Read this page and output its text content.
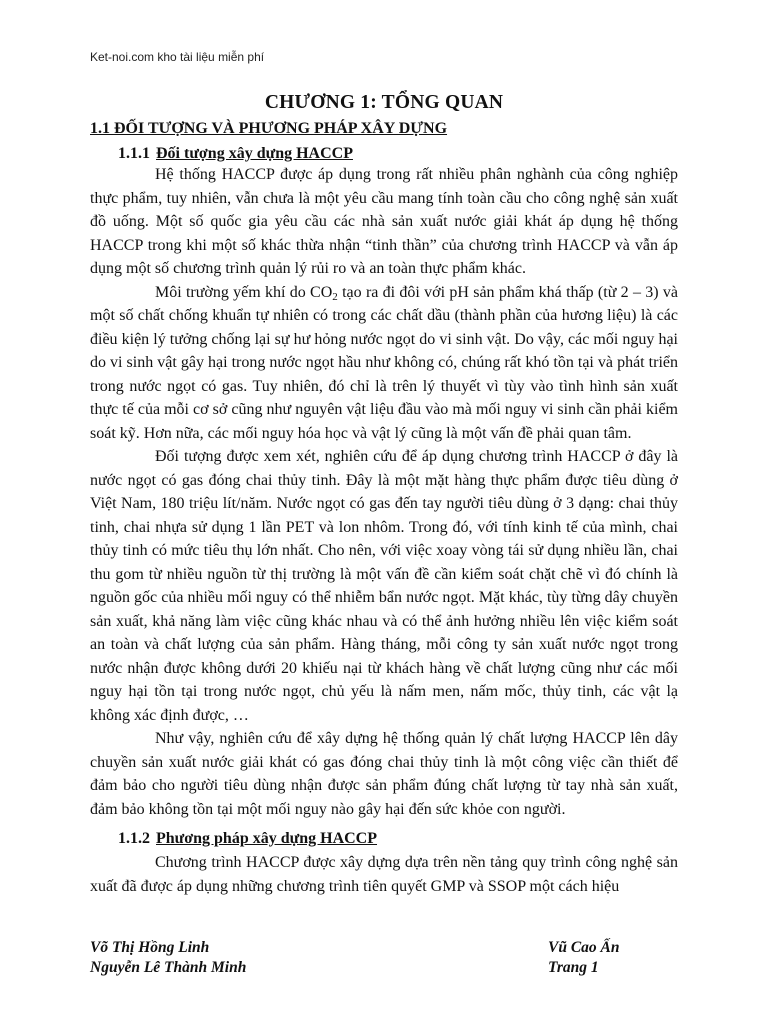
Ket-noi.com kho tài liệu miễn phí
CHƯƠNG 1: TỔNG QUAN
1.1 ĐỐI TƯỢNG VÀ PHƯƠNG PHÁP XÂY DỰNG
1.1.1 Đối tượng xây dựng HACCP

Hệ thống HACCP được áp dụng trong rất nhiều phân nghành của công nghiệp thực phẩm, tuy nhiên, vẫn chưa là một yêu cầu mang tính toàn cầu cho công nghệ sản xuất đồ uống. Một số quốc gia yêu cầu các nhà sản xuất nước giải khát áp dụng hệ thống HACCP trong khi một số khác thừa nhận “tinh thần” của chương trình HACCP và vẫn áp dụng một số chương trình quản lý rủi ro và an toàn thực phẩm khác.

Môi trường yếm khí do $CO_2$ tạo ra đi đôi với pH sản phẩm khá thấp (từ 2 – 3) và một số chất chống khuẩn tự nhiên có trong các chất dầu (thành phần của hương liệu) là các điều kiện lý tưởng chống lại sự hư hỏng nước ngọt do vi sinh vật. Do vậy, các mối nguy hại do vi sinh vật gây hại trong nước ngọt hầu như không có, chúng rất khó tồn tại và phát triển trong nước ngọt có gas. Tuy nhiên, đó chỉ là trên lý thuyết vì tùy vào tình hình sản xuất thực tế của mỗi cơ sở cũng như nguyên vật liệu đầu vào mà mối nguy vi sinh cần phải kiểm soát kỹ. Hơn nữa, các mối nguy hóa học và vật lý cũng là một vấn đề phải quan tâm.

Đối tượng được xem xét, nghiên cứu để áp dụng chương trình HACCP ở đây là nước ngọt có gas đóng chai thủy tinh. Đây là một mặt hàng thực phẩm được tiêu dùng ở Việt Nam, 180 triệu lít/năm. Nước ngọt có gas đến tay người tiêu dùng ở 3 dạng: chai thủy tinh, chai nhựa sử dụng 1 lần PET và lon nhôm. Trong đó, với tính kinh tế của mình, chai thủy tinh có mức tiêu thụ lớn nhất. Cho nên, với việc xoay vòng tái sử dụng nhiều lần, chai thu gom từ nhiều nguồn từ thị trường là một vấn đề cần kiểm soát chặt chẽ vì đó chính là nguồn gốc của nhiều mối nguy có thể nhiễm bẩn nước ngọt. Mặt khác, tùy từng dây chuyền sản xuất, khả năng làm việc cũng khác nhau và có thể ảnh hưởng nhiều lên việc kiểm soát an toàn và chất lượng của sản phẩm. Hàng tháng, mỗi công ty sản xuất nước ngọt trong nước nhận được không dưới 20 khiếu nại từ khách hàng về chất lượng cũng như các mối nguy hại tồn tại trong nước ngọt, chủ yếu là nấm men, nấm mốc, thủy tinh, các vật lạ không xác định được, …

Như vậy, nghiên cứu để xây dựng hệ thống quản lý chất lượng HACCP lên dây chuyền sản xuất nước giải khát có gas đóng chai thủy tinh là một công việc cần thiết để đảm bảo cho người tiêu dùng nhận được sản phẩm đúng chất lượng từ tay nhà sản xuất, đảm bảo không tồn tại một mối nguy nào gây hại đến sức khỏe con người.

1.1.2 Phương pháp xây dựng HACCP

Chương trình HACCP được xây dựng dựa trên nền tảng quy trình công nghệ sản xuất đã được áp dụng những chương trình tiên quyết GMP và SSOP một cách hiệu

Võ Thị Hồng Linh	Vũ Cao Ấn
Nguyễn Lê Thành Minh	Trang 1
